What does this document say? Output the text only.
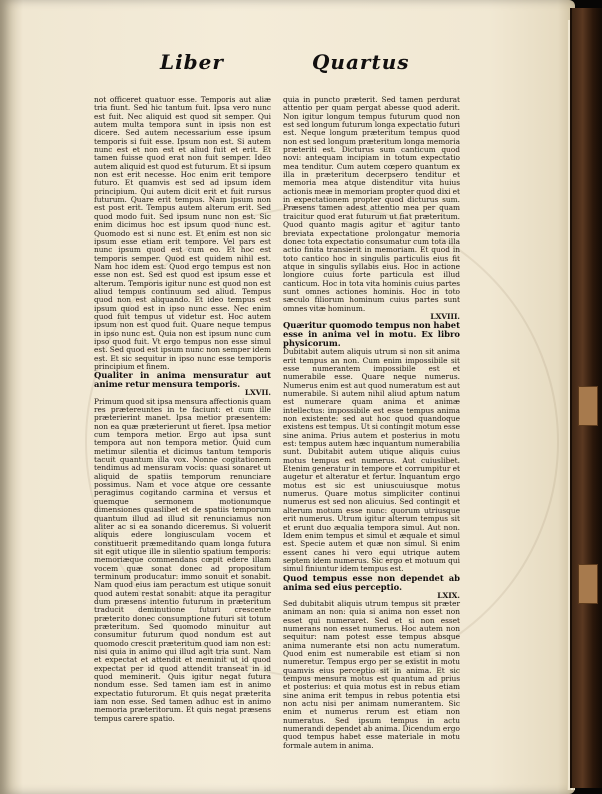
Liber	Quartus

not officeret quatuor esse. Temporis aut aliæ tria fiunt. Sed hic tantum fuit. Ipsa vero nunc est fuit. Nec aliquid est quod sit semper. Qui autem multa tempora sunt in ipsis non est dicere. Sed autem necessarium esse ipsum temporis si fuit esse. Ipsum non est. Si autem nunc est et non est et aliud fuit et erit. Et tamen fuisse quod erat non fuit semper. Ideo autem aliquid est quod est futurum. Et si ipsum non est erit necesse. Hoc enim erit tempore futuro. Et quamvis est sed ad ipsum idem principium. Qui autem dicit erit et fuit rursus futurum. Quare erit tempus. Nam ipsum non est post erit. Tempus autem alterum erit. Sed quod modo fuit. Sed ipsum nunc non est. Sic enim dicimus hoc est ipsum quod nunc est. Quomodo est si nunc est. Et enim est non sic ipsum esse etiam erit tempore. Vel pars est nunc ipsum quod est cum eo. Et hoc est temporis semper. Quod est quidem nihil est. Nam hoc idem est. Quod ergo tempus est non esse non est. Sed est quod est ipsum esse et alterum. Temporis igitur nunc est quod non est aliud tempus continuum sed aliud. Tempus quod non est aliquando. Et ideo tempus est ipsum quod est in ipso nunc esse. Nec enim quod fuit tempus ut videtur est. Hoc autem ipsum non est quod fuit. Quare neque tempus in ipso nunc est. Quia non est ipsum nunc cum ipso quod fuit. Vt ergo tempus non esse simul est. Sed quod est ipsum nunc non semper idem est. Et sic sequitur in ipso nunc esse temporis principium et finem.

Qualiter in anima mensuratur aut anime retur mensura temporis.

LXVII.

Primum quod sit ipsa mensura affectionis quam res prætereuntes in te faciunt: et cum ille præterierint manet. Ipsa metior præsentem: non ea quæ præterierunt ut fieret. Ipsa metior cum tempora metior. Ergo aut ipsa sunt tempora aut non tempora metior. Quid cum metimur silentia et dicimus tantum temporis tacuit quantum illa vox. Nonne cogitationem tendimus ad mensuram vocis: quasi sonaret ut aliquid de spatiis temporum renunciare possimus. Nam et voce atque ore cessante peragimus cogitando carmina et versus et quemque sermonem motionumque dimensiones quaslibet et de spatiis temporum quantum illud ad illud sit renunciamus non aliter ac si ea sonando diceremus. Si voluerit aliquis edere longiusculam vocem et constituerit præmeditando quam longa futura sit egit utique ille in silentio spatium temporis: memoriæque commendans cœpit edere illam vocem quæ sonat donec ad propositum terminum producatur: immo sonuit et sonabit. Nam quod eius iam peractum est utique sonuit quod autem restat sonabit: atque ita peragitur dum præsens intentio futurum in præteritum traducit deminutione futuri crescente præterito donec consumptione futuri sit totum præteritum. Sed quomodo minuitur aut consumitur futurum quod nondum est aut quomodo crescit præteritum quod iam non est: nisi quia in animo qui illud agit tria sunt. Nam et expectat et attendit et meminit ut id quod expectat per id quod attendit transeat in id quod meminerit. Quis igitur negat futura nondum esse. Sed tamen iam est in animo expectatio futurorum. Et quis negat præterita iam non esse. Sed tamen adhuc est in animo memoria præteritorum. Et quis negat præsens tempus carere spatio.

quia in puncto præterit. Sed tamen perdurat attentio per quam pergat abesse quod aderit. Non igitur longum tempus futurum quod non est sed longum futurum longa expectatio futuri est. Neque longum præteritum tempus quod non est sed longum præteritum longa memoria præteriti est. Dicturus sum canticum quod novi: antequam incipiam in totum expectatio mea tenditur. Cum autem cœpero quantum ex illa in præteritum decerpsero tenditur et memoria mea atque distenditur vita huius actionis meæ in memoriam propter quod dixi et in expectationem propter quod dicturus sum. Præsens tamen adest attentio mea per quam traicitur quod erat futurum ut fiat præteritum. Quod quanto magis agitur et agitur tanto breviata expectatione prolongatur memoria donec tota expectatio consumatur cum tota illa actio finita transierit in memoriam. Et quod in toto cantico hoc in singulis particulis eius fit atque in singulis syllabis eius. Hoc in actione longiore cuius forte particula est illud canticum. Hoc in tota vita hominis cuius partes sunt omnes actiones hominis. Hoc in toto sæculo filiorum hominum cuius partes sunt omnes vitæ hominum.

LXVIII.

Quæritur quomodo tempus non habet esse in anima vel in motu. Ex libro physicorum.

Dubitabit autem aliquis utrum si non sit anima erit tempus an non. Cum enim impossibile sit esse numerantem impossibile est et numerabile esse. Quare neque numerus. Numerus enim est aut quod numeratum est aut numerabile. Si autem nihil aliud aptum natum est numerare quam anima et animæ intellectus: impossibile est esse tempus anima non existente: sed aut hoc quod quandoque existens est tempus. Ut si contingit motum esse sine anima. Prius autem et posterius in motu est: tempus autem hæc inquantum numerabilia sunt. Dubitabit autem utique aliquis cuius motus tempus est numerus. Aut cuiuslibet. Etenim generatur in tempore et corrumpitur et augetur et alteratur et fertur. Inquantum ergo motus est sic est uniuscuiusque motus numerus. Quare motus simpliciter continui numerus est sed non alicuius. Sed contingit et alterum motum esse nunc: quorum utriusque erit numerus. Utrum igitur alterum tempus sit et erunt duo æqualia tempora simul. Aut non. Idem enim tempus et simul et æquale et simul est. Specie autem et quæ non simul. Si enim essent canes hi vero equi utrique autem septem idem numerus. Sic ergo et motuum qui simul finiuntur idem tempus est.

Quod tempus esse non dependet ab anima sed eius perceptio.

LXIX.

Sed dubitabit aliquis utrum tempus sit præter animam an non: quia si anima non esset non esset qui numeraret. Sed et si non esset numerans non esset numerus. Hoc autem non sequitur: nam potest esse tempus absque anima numerante etsi non actu numeratum. Quod enim est numerabile est etiam si non numeretur. Tempus ergo per se existit in motu quamvis eius perceptio sit in anima. Et sic tempus mensura motus est quantum ad prius et posterius: et quia motus est in rebus etiam sine anima erit tempus in rebus potentia etsi non actu nisi per animam numerantem. Sic enim et numerus rerum est etiam non numeratus. Sed ipsum tempus in actu numerandi dependet ab anima. Dicendum ergo quod tempus habet esse materiale in motu formale autem in anima.
